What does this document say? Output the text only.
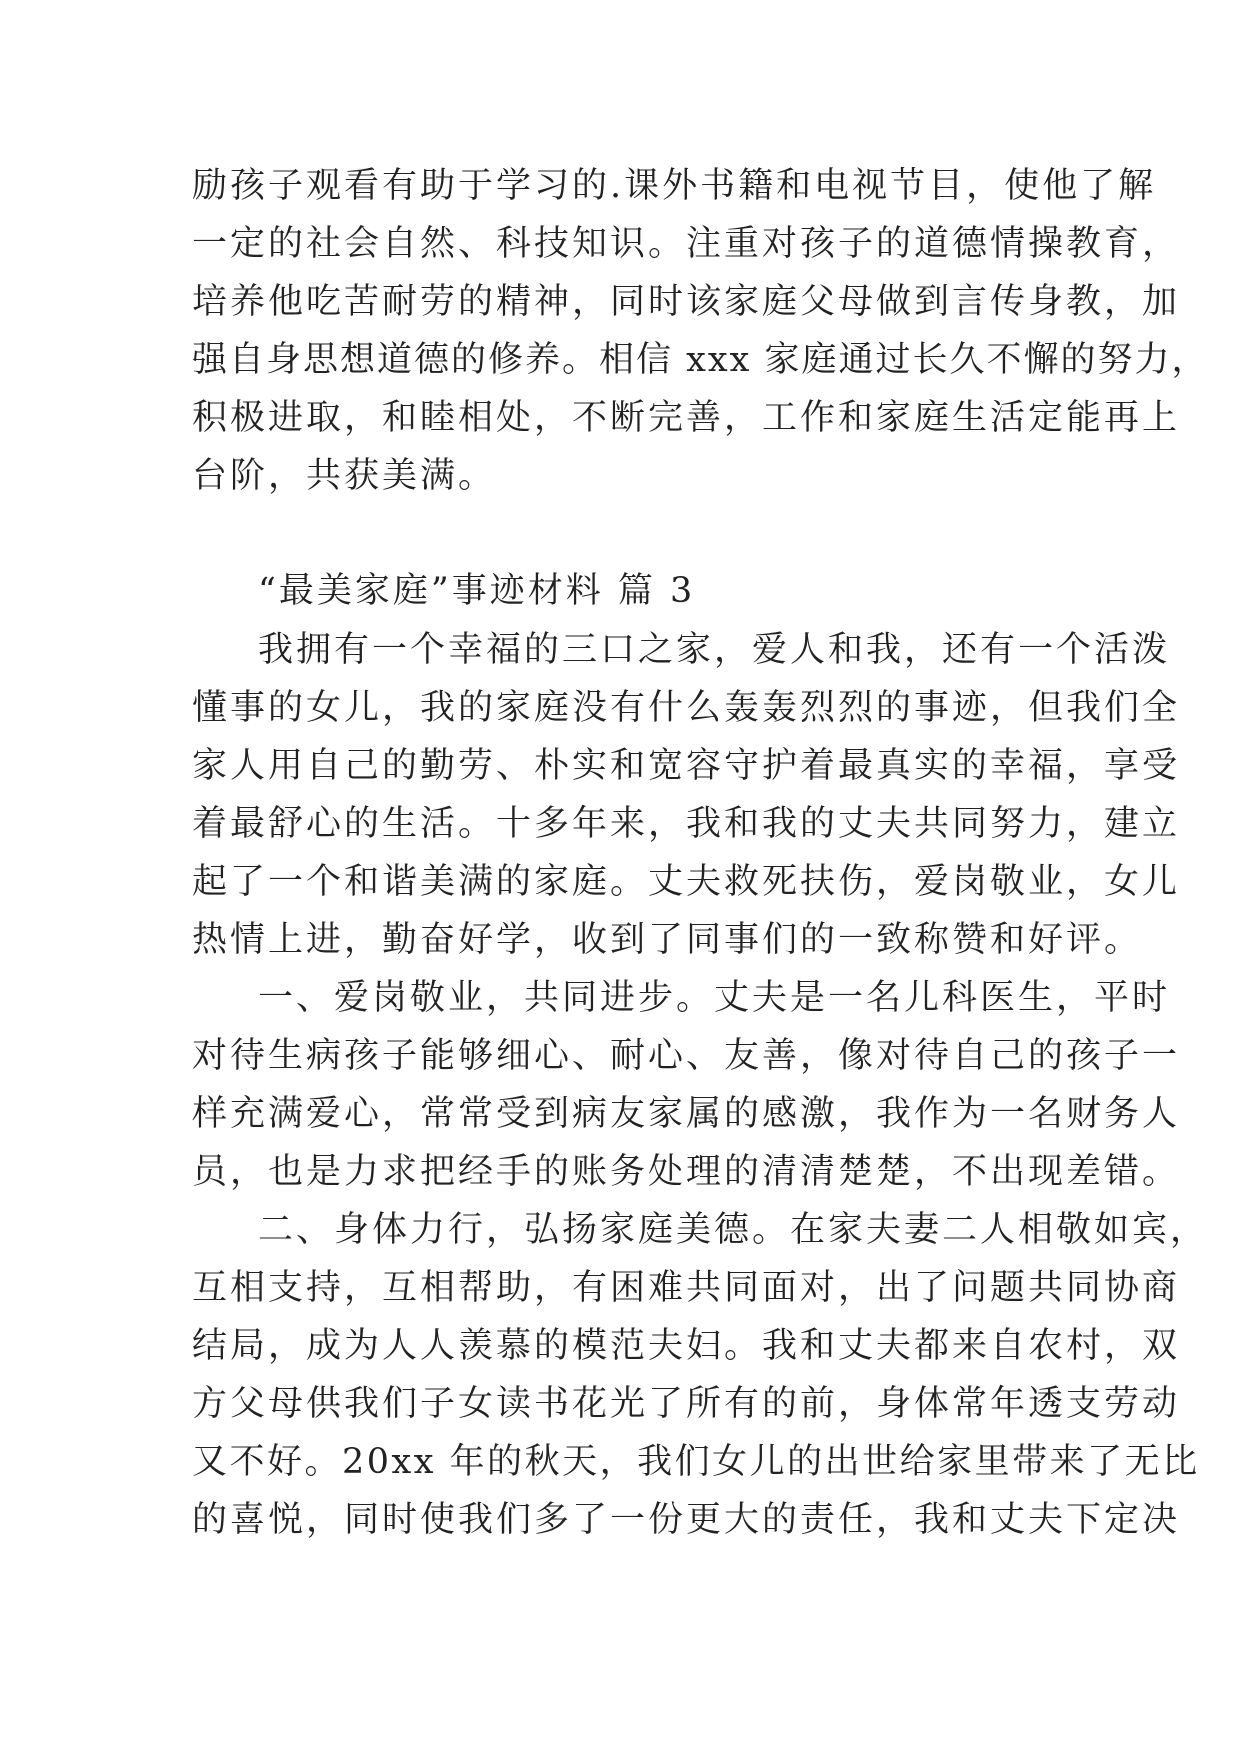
励孩子观看有助于学习的.课外书籍和电视节目，使他了解
一定的社会自然、科技知识。注重对孩子的道德情操教育，
培养他吃苦耐劳的精神，同时该家庭父母做到言传身教，加
强自身思想道德的修养。相信 xxx 家庭通过长久不懈的努力，
积极进取，和睦相处，不断完善，工作和家庭生活定能再上
台阶，共获美满。
“最美家庭”事迹材料 篇 3
我拥有一个幸福的三口之家，爱人和我，还有一个活泼
懂事的女儿，我的家庭没有什么轰轰烈烈的事迹，但我们全
家人用自己的勤劳、朴实和宽容守护着最真实的幸福，享受
着最舒心的生活。十多年来，我和我的丈夫共同努力，建立
起了一个和谐美满的家庭。丈夫救死扶伤，爱岗敬业，女儿
热情上进，勤奋好学，收到了同事们的一致称赞和好评。
一、爱岗敬业，共同进步。丈夫是一名儿科医生，平时
对待生病孩子能够细心、耐心、友善，像对待自己的孩子一
样充满爱心，常常受到病友家属的感激，我作为一名财务人
员，也是力求把经手的账务处理的清清楚楚，不出现差错。
二、身体力行，弘扬家庭美德。在家夫妻二人相敬如宾，
互相支持，互相帮助，有困难共同面对，出了问题共同协商
结局，成为人人羡慕的模范夫妇。我和丈夫都来自农村，双
方父母供我们子女读书花光了所有的前，身体常年透支劳动
又不好。20xx 年的秋天，我们女儿的出世给家里带来了无比
的喜悦，同时使我们多了一份更大的责任，我和丈夫下定决
